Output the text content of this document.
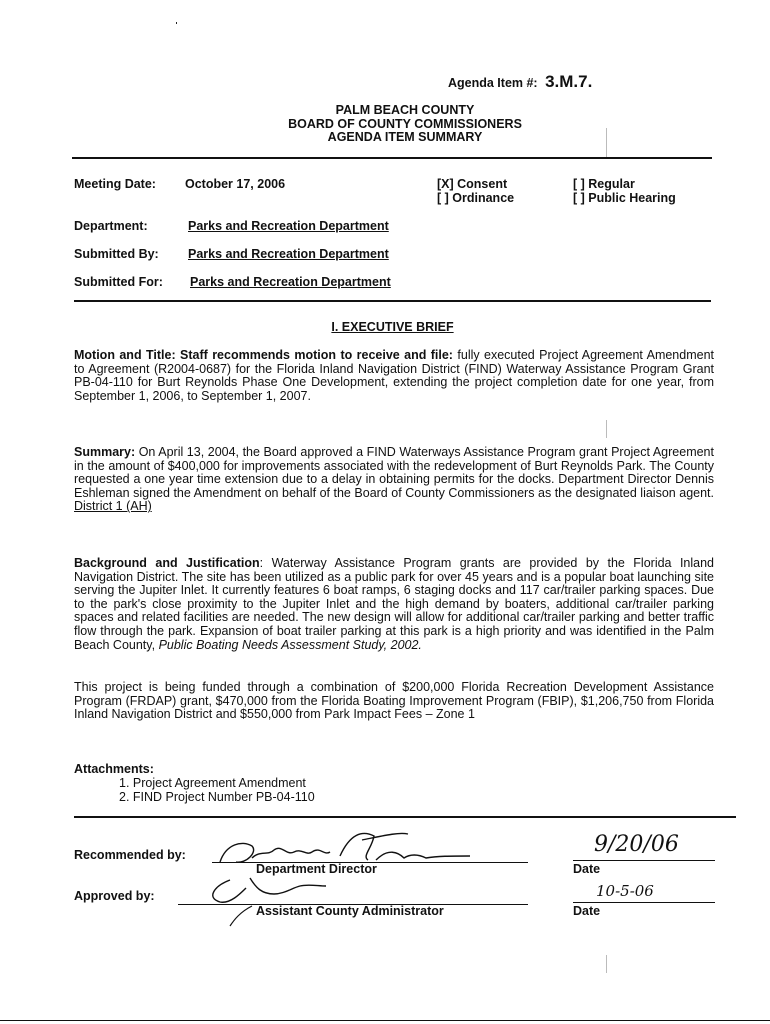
Agenda Item #: 3.M.7.
PALM BEACH COUNTY
BOARD OF COUNTY COMMISSIONERS
AGENDA ITEM SUMMARY
Meeting Date: October 17, 2006	[X] Consent
[ ] Ordinance
[ ] Regular
[ ] Public Hearing
Department:	Parks and Recreation Department
Submitted By: Parks and Recreation Department
Submitted For: Parks and Recreation Department
I. EXECUTIVE BRIEF
Motion and Title: Staff recommends motion to receive and file: fully executed Project Agreement Amendment to Agreement (R2004-0687) for the Florida Inland Navigation District (FIND) Waterway Assistance Program Grant PB-04-110 for Burt Reynolds Phase One Development, extending the project completion date for one year, from September 1, 2006, to September 1, 2007.
Summary: On April 13, 2004, the Board approved a FIND Waterways Assistance Program grant Project Agreement in the amount of $400,000 for improvements associated with the redevelopment of Burt Reynolds Park. The County requested a one year time extension due to a delay in obtaining permits for the docks. Department Director Dennis Eshleman signed the Amendment on behalf of the Board of County Commissioners as the designated liaison agent. District 1 (AH)
Background and Justification: Waterway Assistance Program grants are provided by the Florida Inland Navigation District. The site has been utilized as a public park for over 45 years and is a popular boat launching site serving the Jupiter Inlet. It currently features 6 boat ramps, 6 staging docks and 117 car/trailer parking spaces. Due to the park's close proximity to the Jupiter Inlet and the high demand by boaters, additional car/trailer parking spaces and related facilities are needed. The new design will allow for additional car/trailer parking and better traffic flow through the park. Expansion of boat trailer parking at this park is a high priority and was identified in the Palm Beach County, Public Boating Needs Assessment Study, 2002.
This project is being funded through a combination of $200,000 Florida Recreation Development Assistance Program (FRDAP) grant, $470,000 from the Florida Boating Improvement Program (FBIP), $1,206,750 from Florida Inland Navigation District and $550,000 from Park Impact Fees – Zone 1
Attachments:
1. Project Agreement Amendment
2. FIND Project Number PB-04-110
Recommended by:
Department Director
9/20/06
Date
Approved by:
Assistant County Administrator
10-5-06
Date
